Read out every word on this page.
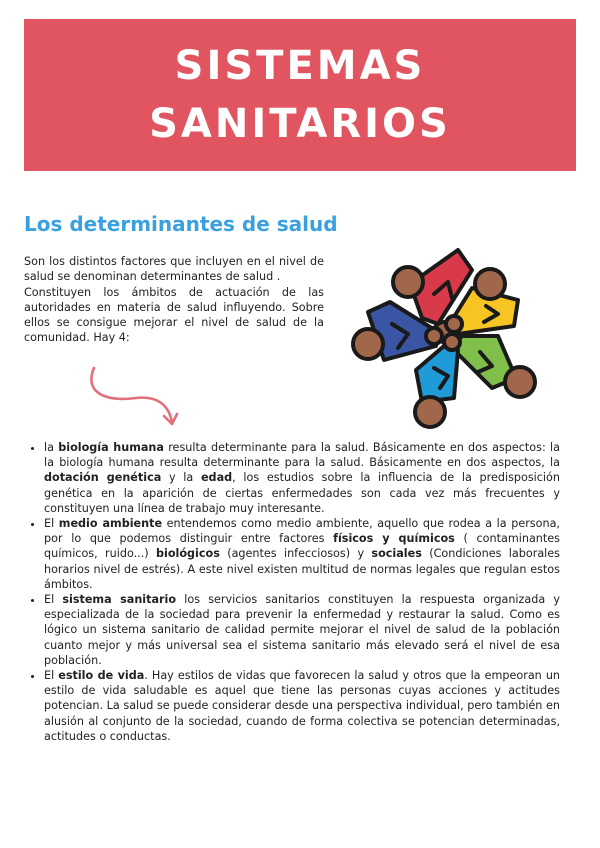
SISTEMAS
SANITARIOS
Los determinantes de salud

Son los distintos factores que incluyen en el nivel de salud se denominan determinantes de salud .

Constituyen los ámbitos de actuación de las autoridades en materia de salud influyendo. Sobre ellos se consigue mejorar el nivel de salud de la comunidad. Hay 4:

• la biología humana resulta determinante para la salud. Básicamente en dos aspectos: la la biología humana resulta determinante para la salud. Básicamente en dos aspectos, la dotación genética y la edad, los estudios sobre la influencia de la predisposición genética en la aparición de ciertas enfermedades son cada vez más frecuentes y constituyen una línea de trabajo muy interesante.
• El medio ambiente entendemos como medio ambiente, aquello que rodea a la persona, por lo que podemos distinguir entre factores físicos y químicos ( contaminantes químicos, ruido...) biológicos (agentes infecciosos) y sociales (Condiciones laborales horarios nivel de estrés). A este nivel existen multitud de normas legales que regulan estos ámbitos.
• El sistema sanitario los servicios sanitarios constituyen la respuesta organizada y especializada de la sociedad para prevenir la enfermedad y restaurar la salud. Como es lógico un sistema sanitario de calidad permite mejorar el nivel de salud de la población cuanto mejor y más universal sea el sistema sanitario más elevado será el nivel de esa población.
• El estilo de vida. Hay estilos de vidas que favorecen la salud y otros que la empeoran un estilo de vida saludable es aquel que tiene las personas cuyas acciones y actitudes potencian. La salud se puede considerar desde una perspectiva individual, pero también en alusión al conjunto de la sociedad, cuando de forma colectiva se potencian determinadas, actitudes o conductas.
